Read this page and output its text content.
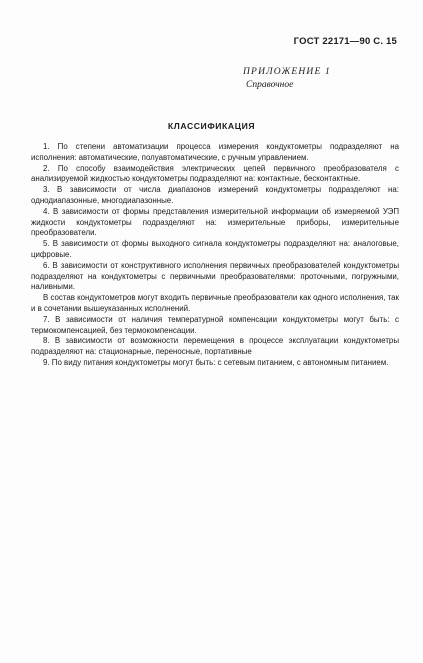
ГОСТ 22171—90 С. 15
ПРИЛОЖЕНИЕ 1
Справочное
КЛАССИФИКАЦИЯ

1. По степени автоматизации процесса измерения кондуктометры подразделяют на исполнения: автоматические, полуавтоматические, с ручным управлением.

2. По способу взаимодействия электрических цепей первичного преобразователя с анализируемой жидкостью кондуктометры подразделяют на: контактные, бесконтактные.

3. В зависимости от числа диапазонов измерений кондуктометры подразделяют на: однодиапазонные, многодиапазонные.

4. В зависимости от формы представления измерительной информации об измеряемой УЭП жидкости кондуктометры подразделяют на: измерительные приборы, измерительные преобразователи.

5. В зависимости от формы выходного сигнала кондуктометры подразделяют на: аналоговые, цифровые.

6. В зависимости от конструктивного исполнения первичных преобразователей кондуктометры подразделяют на кондуктометры с первичными преобразователями: проточными, погружными, наливными.

В состав кондуктометров могут входить первичные преобразователи как одного исполнения, так и в сочетании вышеуказанных исполнений.

7. В зависимости от наличия температурной компенсации кондуктометры могут быть: с термокомпенсацией, без термокомпенсации.

8. В зависимости от возможности перемещения в процессе эксплуатации кондуктометры подразделяют на: стационарные, переносные, портативные

9. По виду питания кондуктометры могут быть: с сетевым питанием, с автономным питанием.
